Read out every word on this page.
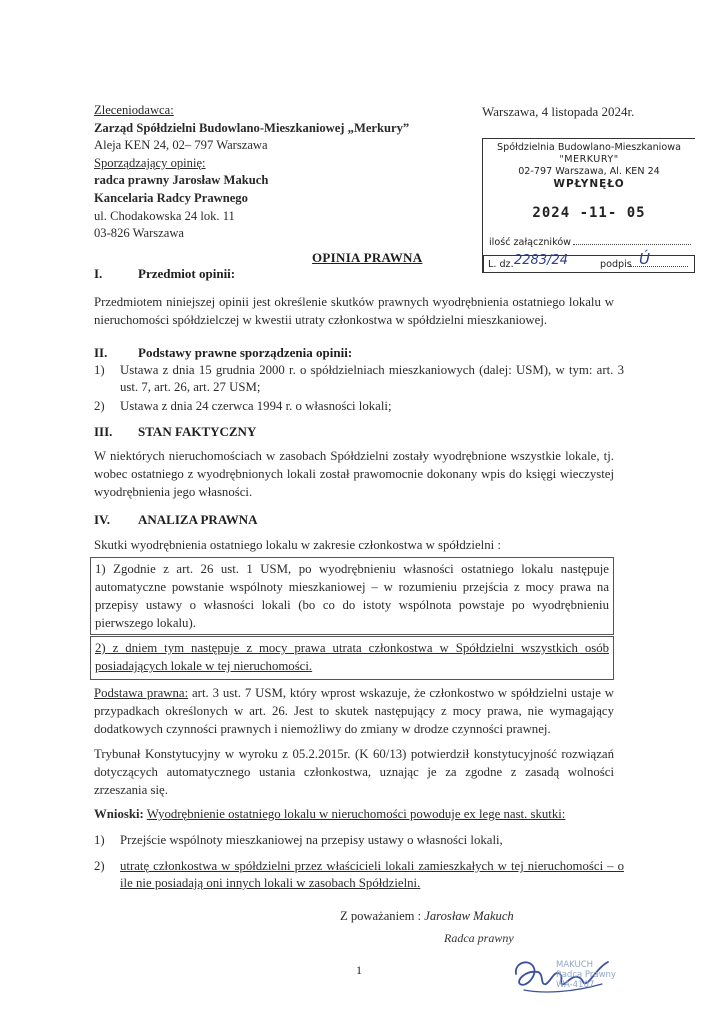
Zleceniodawca:
Zarząd Spółdzielni Budowlano-Mieszkaniowej „Merkury”
Aleja KEN 24, 02– 797 Warszawa
Sporządzający opinię:
radca prawny Jarosław Makuch
Kancelaria Radcy Prawnego
ul. Chodakowska 24 lok. 11
03-826 Warszawa
Warszawa, 4 listopada 2024r.
Spółdzielnia Budowlano-Mieszkaniowa
"MERKURY"
02-797 Warszawa, Al. KEN 24
WPŁYNĘŁO
2024 -11- 05
ilość załączników
L. dz. 2283/24	podpis Ú
OPINIA PRAWNA
I.	Przedmiot opinii:
Przedmiotem niniejszej opinii jest określenie skutków prawnych wyodrębnienia ostatniego lokalu w nieruchomości spółdzielczej w kwestii utraty członkostwa w spółdzielni mieszkaniowej.
II. Podstawy prawne sporządzenia opinii:
1) Ustawa z dnia 15 grudnia 2000 r. o spółdzielniach mieszkaniowych (dalej: USM), w tym: art. 3 ust. 7, art. 26, art. 27 USM;
2) Ustawa z dnia 24 czerwca 1994 r. o własności lokali;
III. STAN FAKTYCZNY
W niektórych nieruchomościach w zasobach Spółdzielni zostały wyodrębnione wszystkie lokale, tj. wobec ostatniego z wyodrębnionych lokali został prawomocnie dokonany wpis do księgi wieczystej wyodrębnienia jego własności.
IV. ANALIZA PRAWNA
Skutki wyodrębnienia ostatniego lokalu w zakresie członkostwa w spółdzielni :
1) Zgodnie z art. 26 ust. 1 USM, po wyodrębnieniu własności ostatniego lokalu następuje automatyczne powstanie wspólnoty mieszkaniowej – w rozumieniu przejścia z mocy prawa na przepisy ustawy o własności lokali (bo co do istoty wspólnota powstaje po wyodrębnieniu pierwszego lokalu).
2) z dniem tym następuje z mocy prawa utrata członkostwa w Spółdzielni wszystkich osób posiadających lokale w tej nieruchomości.
Podstawa prawna: art. 3 ust. 7 USM, który wprost wskazuje, że członkostwo w spółdzielni ustaje w przypadkach określonych w art. 26. Jest to skutek następujący z mocy prawa, nie wymagający dodatkowych czynności prawnych i niemożliwy do zmiany w drodze czynności prawnej.
Trybunał Konstytucyjny w wyroku z 05.2.2015r. (K 60/13) potwierdził konstytucyjność rozwiązań dotyczących automatycznego ustania członkostwa, uznając je za zgodne z zasadą wolności zrzeszania się.
Wnioski: Wyodrębnienie ostatniego lokalu w nieruchomości powoduje ex lege nast. skutki:
1) Przejście wspólnoty mieszkaniowej na przepisy ustawy o własności lokali,
2) utratę członkostwa w spółdzielni przez właścicieli lokali zamieszkałych w tej nieruchomości – o ile nie posiadają oni innych lokali w zasobach Spółdzielni.
Z poważaniem : Jarosław Makuch
Radca prawny
1	MAKUCH
Radca Prawny
WA-4107
